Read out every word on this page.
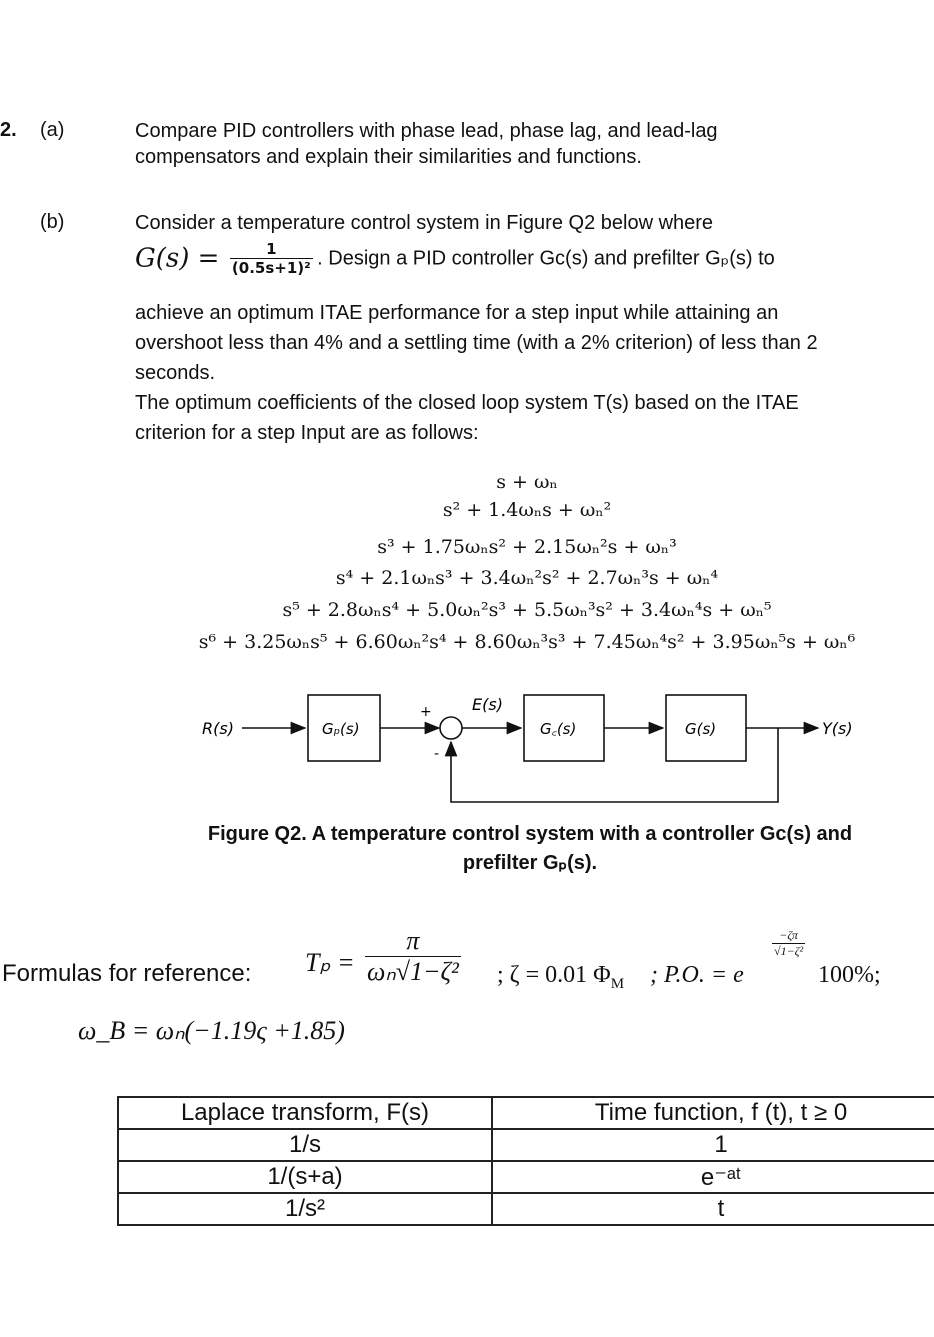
2. (a)	Compare PID controllers with phase lead, phase lag, and lead-lag
compensators and explain their similarities and functions.
(b)	Consider a temperature control system in Figure Q2 below where
$G(s) = \frac{1}{\text{(0.5s+1)²}}$ . Design a PID controller Gᴄ(s) and prefilter Gₚ(s) to
achieve an optimum ITAE performance for a step input while attaining an
overshoot less than 4% and a settling time (with a 2% criterion) of less than 2
seconds.
The optimum coefficients of the closed loop system T(s) based on the ITAE
criterion for a step Input are as follows:
s + ωₙ
s² + 1.4ωₙs + ωₙ²
s³ + 1.75ωₙs² + 2.15ωₙ²s + ωₙ³
s⁴ + 2.1ωₙs³ + 3.4ωₙ²s² + 2.7ωₙ³s + ωₙ⁴
s⁵ + 2.8ωₙs⁴ + 5.0ωₙ²s³ + 5.5ωₙ³s² + 3.4ωₙ⁴s + ωₙ⁵
s⁶ + 3.25ωₙs⁵ + 6.60ωₙ²s⁴ + 8.60ωₙ³s³ + 7.45ωₙ⁴s² + 3.95ωₙ⁵s + ωₙ⁶
R(s)	Gₚ(s)
+
-
E(s)
G꜀(s)	G(s)	Y(s)
Figure Q2. A temperature control system with a controller Gᴄ(s) and
prefilter Gₚ(s).
Formulas for reference: $T_p = \frac{\pi}{\text{ωₙ√1−ζ²}}$ ; ζ = 0.01 $\Phi_M$ ; P.O. = e
$\frac{-\zeta\pi}{\text{√1−ζ²}}$
100%;
ω_B = ωₙ(−1.19ς +1.85)
Laplace transform, F(s)	Time function, f (t), t ≥ 0
1/s	1
1/(s+a)	e⁻ᵃᵗ
1/s²	t
